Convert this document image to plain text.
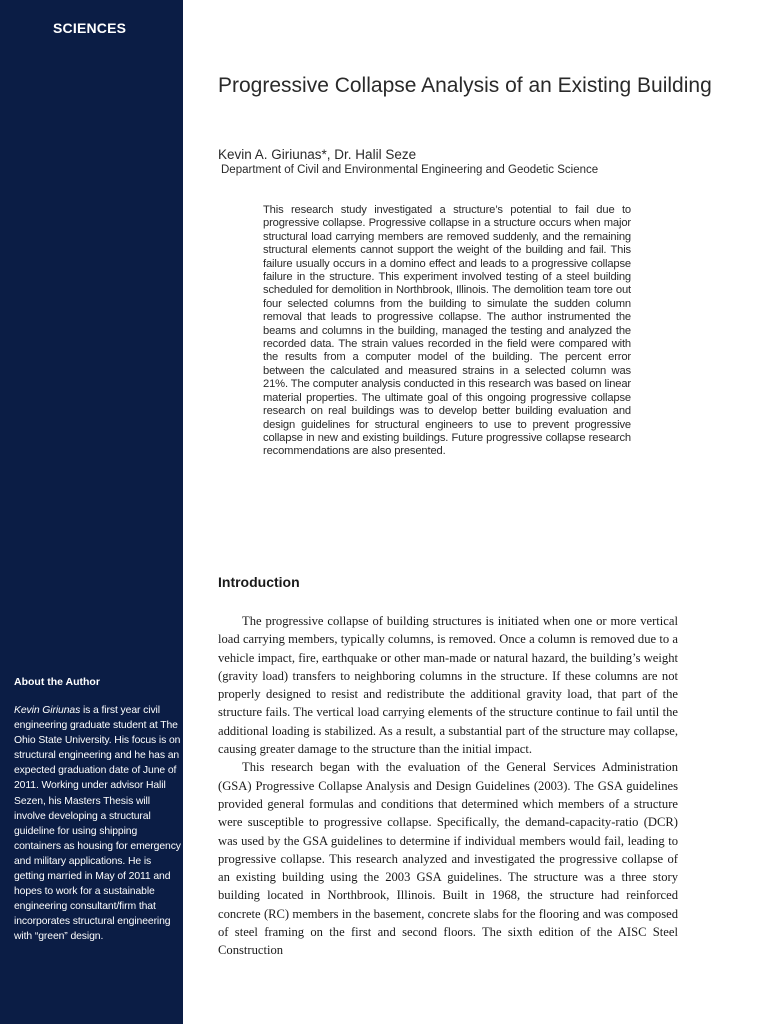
SCIENCES
About the Author

Kevin Giriunas is a first year civil engineering graduate student at The Ohio State University. His focus is on structural engineering and he has an expected graduation date of June of 2011. Working under advisor Halil Sezen, his Masters Thesis will involve developing a structural guideline for using shipping containers as housing for emergency and military applications. He is getting married in May of 2011 and hopes to work for a sustainable engineering consultant/firm that incorporates structural engineering with “green” design.

Progressive Collapse Analysis of an Existing Building
Kevin A. Giriunas*, Dr. Halil Seze
Department of Civil and Environmental Engineering and Geodetic Science

This research study investigated a structure’s potential to fail due to progressive collapse. Progressive collapse in a structure occurs when major structural load carrying members are removed suddenly, and the remaining structural elements cannot support the weight of the building and fail. This failure usually occurs in a domino effect and leads to a progressive collapse failure in the structure. This experiment involved testing of a steel building scheduled for demolition in Northbrook, Illinois. The demolition team tore out four selected columns from the building to simulate the sudden column removal that leads to progressive collapse. The author instrumented the beams and columns in the building, managed the testing and analyzed the recorded data. The strain values recorded in the field were compared with the results from a computer model of the building. The percent error between the calculated and measured strains in a selected column was 21%. The computer analysis conducted in this research was based on linear material properties. The ultimate goal of this ongoing progressive collapse research on real buildings was to develop better building evaluation and design guidelines for structural engineers to use to prevent progressive collapse in new and existing buildings. Future progressive collapse research recommendations are also presented.

Introduction

The progressive collapse of building structures is initiated when one or more vertical load carrying members, typically columns, is removed. Once a column is removed due to a vehicle impact, fire, earthquake or other man-made or natural hazard, the building’s weight (gravity load) transfers to neighboring columns in the structure. If these columns are not properly designed to resist and redistribute the additional gravity load, that part of the structure fails. The vertical load carrying elements of the structure continue to fail until the additional loading is stabilized. As a result, a substantial part of the structure may collapse, causing greater damage to the structure than the initial impact.

This research began with the evaluation of the General Services Administration (GSA) Progressive Collapse Analysis and Design Guidelines (2003). The GSA guidelines provided general formulas and conditions that determined which members of a structure were susceptible to progressive collapse. Specifically, the demand-capacity-ratio (DCR) was used by the GSA guidelines to determine if individual members would fail, leading to progressive collapse. This research analyzed and investigated the progressive collapse of an existing building using the 2003 GSA guidelines. The structure was a three story building located in Northbrook, Illinois. Built in 1968, the structure had reinforced concrete (RC) members in the basement, concrete slabs for the flooring and was composed of steel framing on the first and second floors. The sixth edition of the AISC Steel Construction
